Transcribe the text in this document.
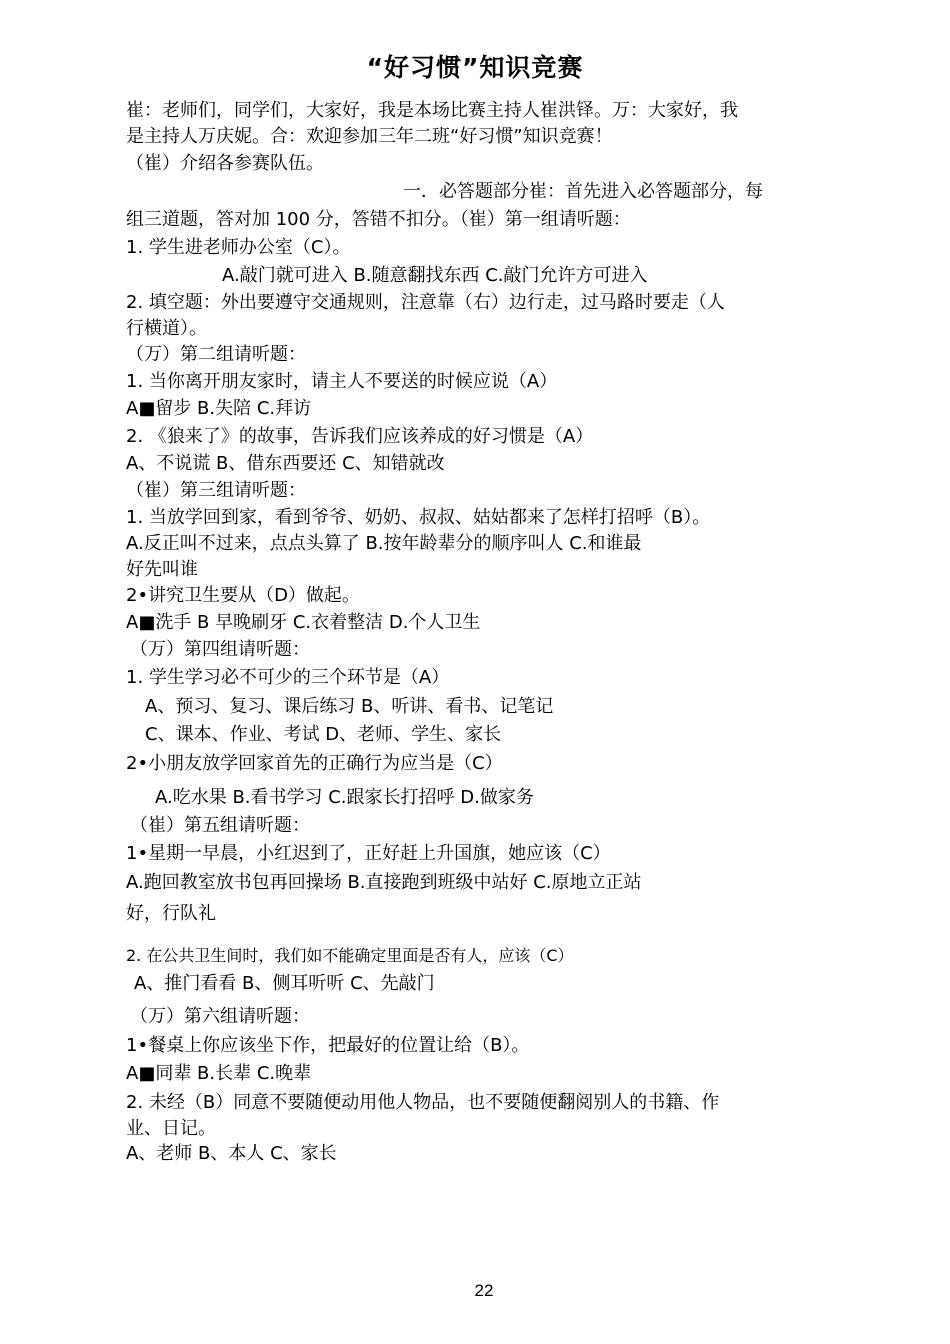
“好习惯”知识竞赛
崔：老师们，同学们，大家好，我是本场比赛主持人崔洪铎。万：大家好，我
是主持人万庆妮。合：欢迎参加三年二班“好习惯”知识竞赛！
（崔）介绍各参赛队伍。
一．必答题部分崔：首先进入必答题部分，每
组三道题，答对加 100 分，答错不扣分。（崔）第一组请听题：
1. 学生进老师办公室（C）。
A.敲门就可进入 B.随意翻找东西 C.敲门允许方可进入
2. 填空题：外出要遵守交通规则，注意靠（右）边行走，过马路时要走（人
行横道）。
（万）第二组请听题：
1. 当你离开朋友家时，请主人不要送的时候应说（A）
A■留步 B.失陪 C.拜访
2. 《狼来了》的故事，告诉我们应该养成的好习惯是（A）
A、不说谎 B、借东西要还 C、知错就改
（崔）第三组请听题：
1. 当放学回到家，看到爷爷、奶奶、叔叔、姑姑都来了怎样打招呼（B）。
A.反正叫不过来，点点头算了 B.按年龄辈分的顺序叫人 C.和谁最
好先叫谁
2•讲究卫生要从（D）做起。
A■洗手 B 早晚刷牙 C.衣着整洁 D.个人卫生
（万）第四组请听题：
1. 学生学习必不可少的三个环节是（A）
A、预习、复习、课后练习 B、听讲、看书、记笔记
C、课本、作业、考试 D、老师、学生、家长
2•小朋友放学回家首先的正确行为应当是（C）
A.吃水果 B.看书学习 C.跟家长打招呼 D.做家务
（崔）第五组请听题：
1•星期一早晨，小红迟到了，正好赶上升国旗，她应该（C）
A.跑回教室放书包再回操场 B.直接跑到班级中站好 C.原地立正站
好，行队礼
2. 在公共卫生间时，我们如不能确定里面是否有人，应该（C）
A、推门看看 B、侧耳听听 C、先敲门
（万）第六组请听题：
1•餐桌上你应该坐下作，把最好的位置让给（B）。
A■同辈 B.长辈 C.晚辈
2. 未经（B）同意不要随便动用他人物品，也不要随便翻阅别人的书籍、作
业、日记。
A、老师 B、本人 C、家长
22
